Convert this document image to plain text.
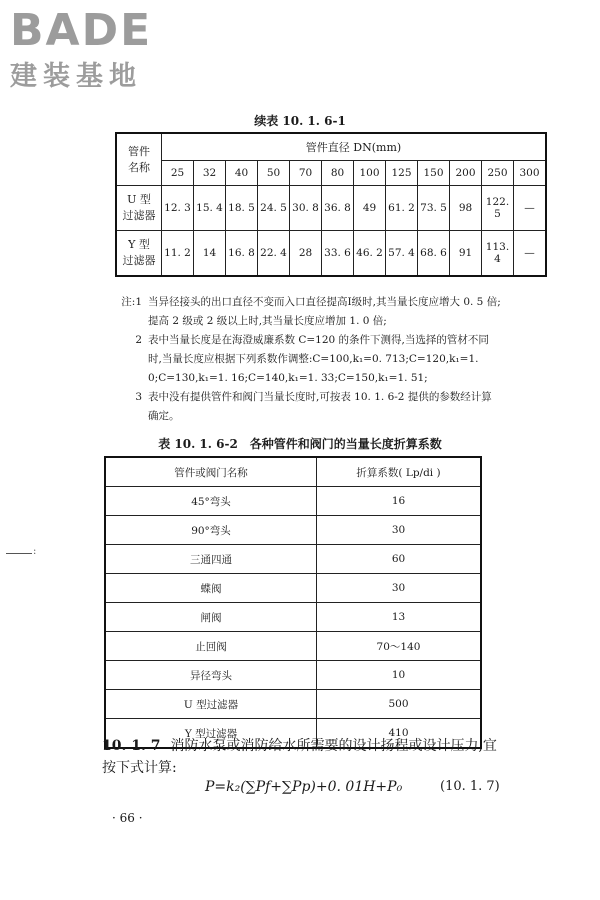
BADE
建装基地
续表 10. 1. 6-1
管件
名称	管件直径 DN(mm)											
	25	32	40	50	70	80	100	125	150	200	250	300
U 型
过滤器	12. 3	15. 4	18. 5	24. 5	30. 8	36. 8	49	61. 2	73. 5	98	122. 5	—
Y 型
过滤器	11. 2	14	16. 8	22. 4	28	33. 6	46. 2	57. 4	68. 6	91	113. 4	—
注:1 当异径接头的出口直径不变而入口直径提高Ⅰ级时,其当量长度应增大 0. 5 倍;提高 2 级或 2 级以上时,其当量长度应增加 1. 0 倍;
2 表中当量长度是在海澄威廉系数 C=120 的条件下测得,当选择的管材不同时,当量长度应根据下列系数作调整:C=100,k₁=0. 713;C=120,k₁=1. 0;C=130,k₁=1. 16;C=140,k₁=1. 33;C=150,k₁=1. 51;
3 表中没有提供管件和阀门当量长度时,可按表 10. 1. 6-2 提供的参数经计算确定。
表 10. 1. 6-2　各种管件和阀门的当量长度折算系数
管件或阀门名称	折算系数( Lp/di )
45°弯头	16
90°弯头	30
三通四通	60
蝶阀	30
闸阀	13
止回阀	70～140
异径弯头	10
U 型过滤器	500
Y 型过滤器	410
:
10. 1. 7 消防水泵或消防给水所需要的设计扬程或设计压力,宜按下式计算:
P=k₂(∑Pf+∑Pp)+0. 01H+P₀	(10. 1. 7)
· 66 ·
